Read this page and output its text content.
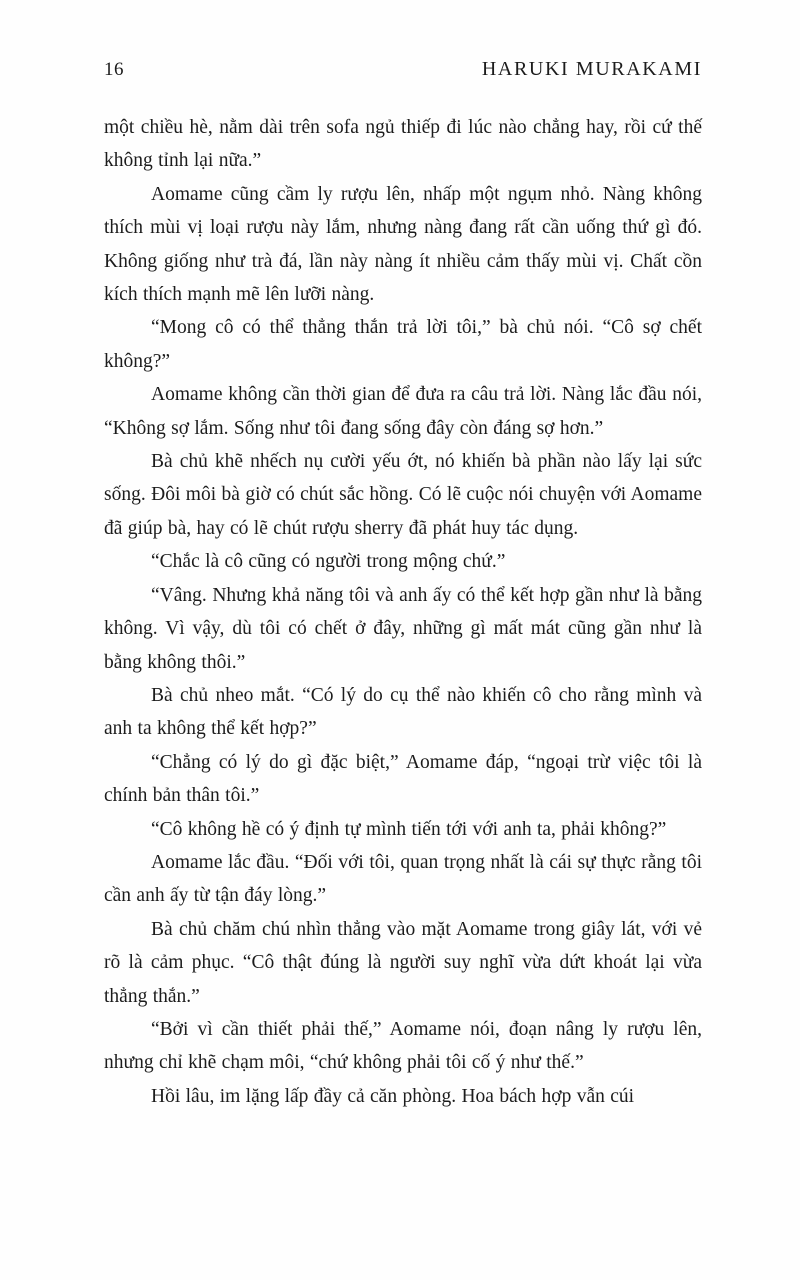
16	HARUKI MURAKAMI

một chiều hè, nằm dài trên sofa ngủ thiếp đi lúc nào chẳng hay, rồi cứ thế không tỉnh lại nữa.”

Aomame cũng cầm ly rượu lên, nhấp một ngụm nhỏ. Nàng không thích mùi vị loại rượu này lắm, nhưng nàng đang rất cần uống thứ gì đó. Không giống như trà đá, lần này nàng ít nhiều cảm thấy mùi vị. Chất cồn kích thích mạnh mẽ lên lưỡi nàng.

“Mong cô có thể thẳng thắn trả lời tôi,” bà chủ nói. “Cô sợ chết không?”

Aomame không cần thời gian để đưa ra câu trả lời. Nàng lắc đầu nói, “Không sợ lắm. Sống như tôi đang sống đây còn đáng sợ hơn.”

Bà chủ khẽ nhếch nụ cười yếu ớt, nó khiến bà phần nào lấy lại sức sống. Đôi môi bà giờ có chút sắc hồng. Có lẽ cuộc nói chuyện với Aomame đã giúp bà, hay có lẽ chút rượu sherry đã phát huy tác dụng.

“Chắc là cô cũng có người trong mộng chứ.”

“Vâng. Nhưng khả năng tôi và anh ấy có thể kết hợp gần như là bằng không. Vì vậy, dù tôi có chết ở đây, những gì mất mát cũng gần như là bằng không thôi.”

Bà chủ nheo mắt. “Có lý do cụ thể nào khiến cô cho rằng mình và anh ta không thể kết hợp?”

“Chẳng có lý do gì đặc biệt,” Aomame đáp, “ngoại trừ việc tôi là chính bản thân tôi.”

“Cô không hề có ý định tự mình tiến tới với anh ta, phải không?”

Aomame lắc đầu. “Đối với tôi, quan trọng nhất là cái sự thực rằng tôi cần anh ấy từ tận đáy lòng.”

Bà chủ chăm chú nhìn thẳng vào mặt Aomame trong giây lát, với vẻ rõ là cảm phục. “Cô thật đúng là người suy nghĩ vừa dứt khoát lại vừa thẳng thắn.”

“Bởi vì cần thiết phải thế,” Aomame nói, đoạn nâng ly rượu lên, nhưng chỉ khẽ chạm môi, “chứ không phải tôi cố ý như thế.”

Hồi lâu, im lặng lấp đầy cả căn phòng. Hoa bách hợp vẫn cúi
